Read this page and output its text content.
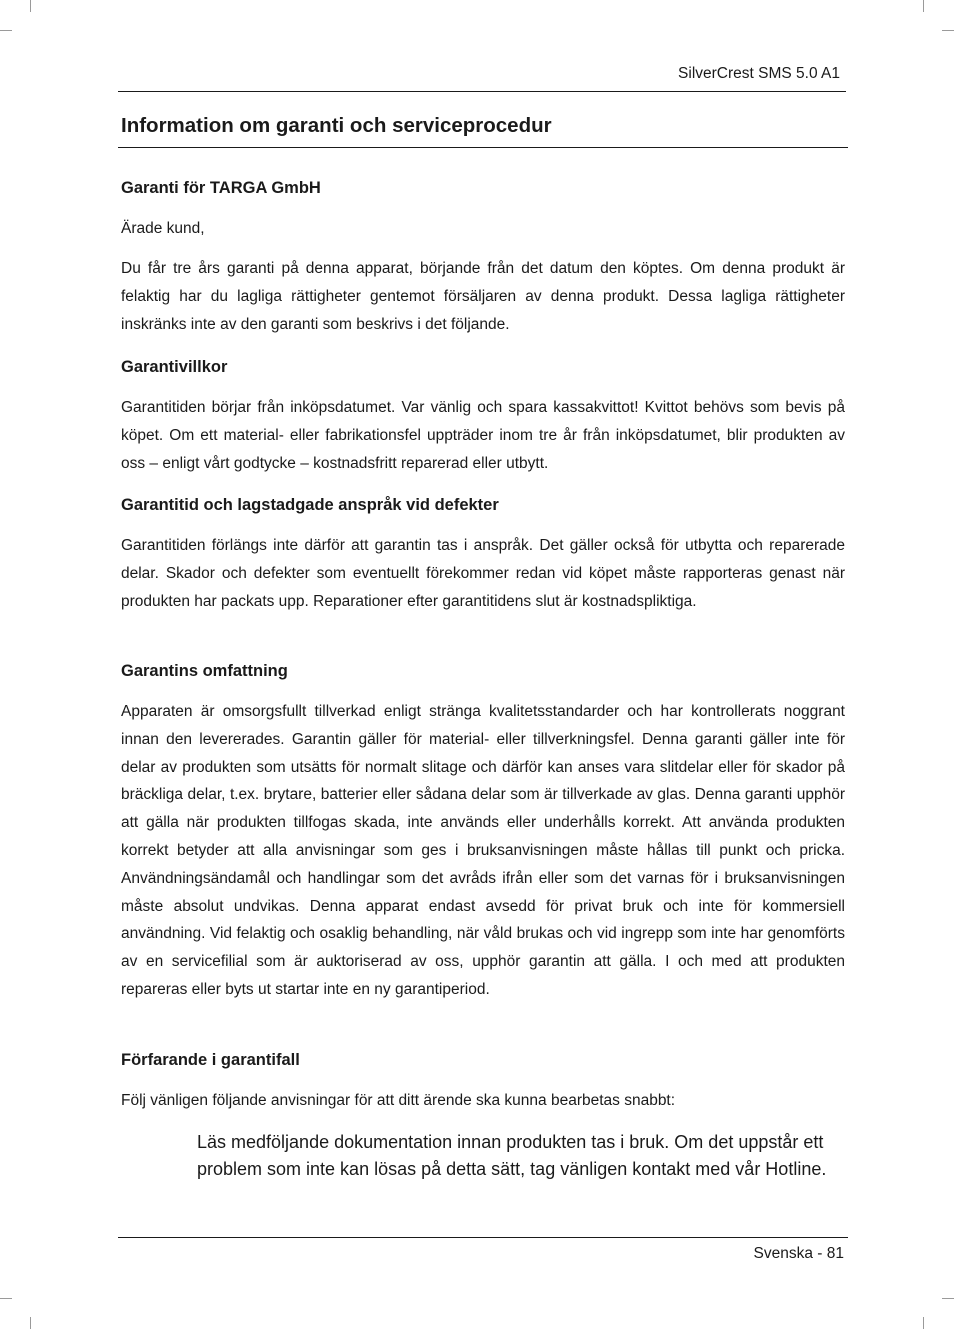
SilverCrest SMS 5.0 A1
Information om garanti och serviceprocedur
Garanti för TARGA GmbH

Ärade kund,

Du får tre års garanti på denna apparat, börjande från det datum den köptes. Om denna produkt är felaktig har du lagliga rättigheter gentemot försäljaren av denna produkt. Dessa lagliga rättigheter inskränks inte av den garanti som beskrivs i det följande.

Garantivillkor

Garantitiden börjar från inköpsdatumet. Var vänlig och spara kassakvittot! Kvittot behövs som bevis på köpet. Om ett material- eller fabrikationsfel uppträder inom tre år från inköpsdatumet, blir produkten av oss – enligt vårt godtycke – kostnadsfritt reparerad eller utbytt.

Garantitid och lagstadgade anspråk vid defekter

Garantitiden förlängs inte därför att garantin tas i anspråk. Det gäller också för utbytta och reparerade delar. Skador och defekter som eventuellt förekommer redan vid köpet måste rapporteras genast när produkten har packats upp. Reparationer efter garantitidens slut är kostnadspliktiga.

Garantins omfattning

Apparaten är omsorgsfullt tillverkad enligt stränga kvalitetsstandarder och har kontrollerats noggrant innan den levererades. Garantin gäller för material- eller tillverkningsfel. Denna garanti gäller inte för delar av produkten som utsätts för normalt slitage och därför kan anses vara slitdelar eller för skador på bräckliga delar, t.ex. brytare, batterier eller sådana delar som är tillverkade av glas. Denna garanti upphör att gälla när produkten tillfogas skada, inte används eller underhålls korrekt. Att använda produkten korrekt betyder att alla anvisningar som ges i bruksanvisningen måste hållas till punkt och pricka. Användningsändamål och handlingar som det avråds ifrån eller som det varnas för i bruksanvisningen måste absolut undvikas. Denna apparat endast avsedd för privat bruk och inte för kommersiell användning. Vid felaktig och osaklig behandling, när våld brukas och vid ingrepp som inte har genomförts av en servicefilial som är auktoriserad av oss, upphör garantin att gälla. I och med att produkten repareras eller byts ut startar inte en ny garantiperiod.

Förfarande i garantifall

Följ vänligen följande anvisningar för att ditt ärende ska kunna bearbetas snabbt:

Läs medföljande dokumentation innan produkten tas i bruk. Om det uppstår ett problem som inte kan lösas på detta sätt, tag vänligen kontakt med vår Hotline.

Svenska - 81
